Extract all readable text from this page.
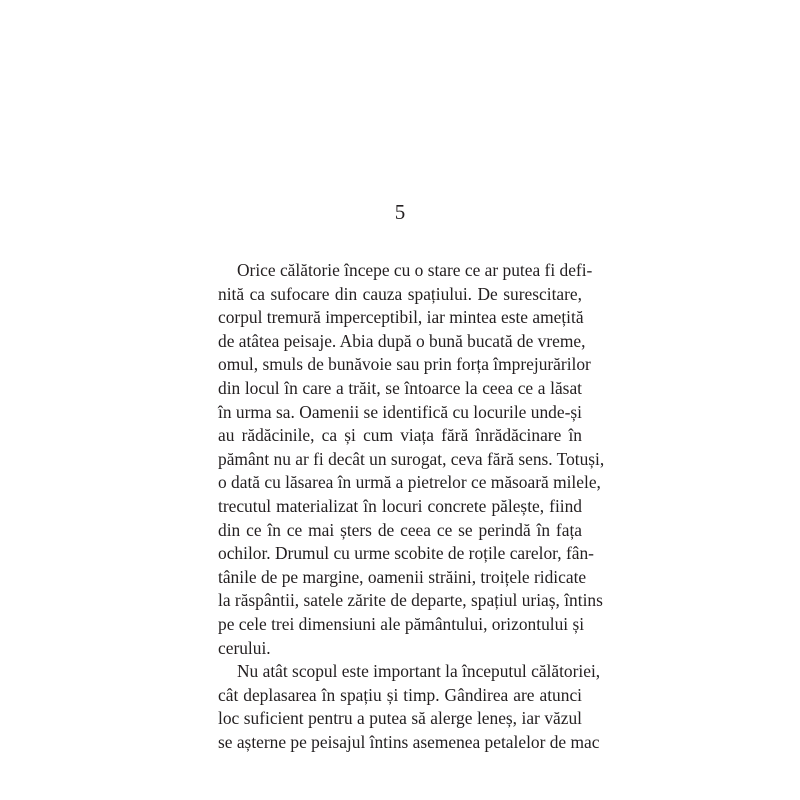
5
Orice călătorie începe cu o stare ce ar putea fi defi-
nită ca sufocare din cauza spațiului. De surescitare,
corpul tremură imperceptibil, iar mintea este amețită
de atâtea peisaje. Abia după o bună bucată de vreme,
omul, smuls de bunăvoie sau prin forța împrejurărilor
din locul în care a trăit, se întoarce la ceea ce a lăsat
în urma sa. Oamenii se identifică cu locurile unde-și
au rădăcinile, ca și cum viața fără înrădăcinare în
pământ nu ar fi decât un surogat, ceva fără sens. Totuși,
o dată cu lăsarea în urmă a pietrelor ce măsoară milele,
trecutul materializat în locuri concrete pălește, fiind
din ce în ce mai șters de ceea ce se perindă în fața
ochilor. Drumul cu urme scobite de roțile carelor, fân-
tânile de pe margine, oamenii străini, troițele ridicate
la răspântii, satele zărite de departe, spațiul uriaș, întins
pe cele trei dimensiuni ale pământului, orizontului și
cerului.
Nu atât scopul este important la începutul călătoriei,
cât deplasarea în spațiu și timp. Gândirea are atunci
loc suficient pentru a putea să alerge leneș, iar văzul
se așterne pe peisajul întins asemenea petalelor de mac
